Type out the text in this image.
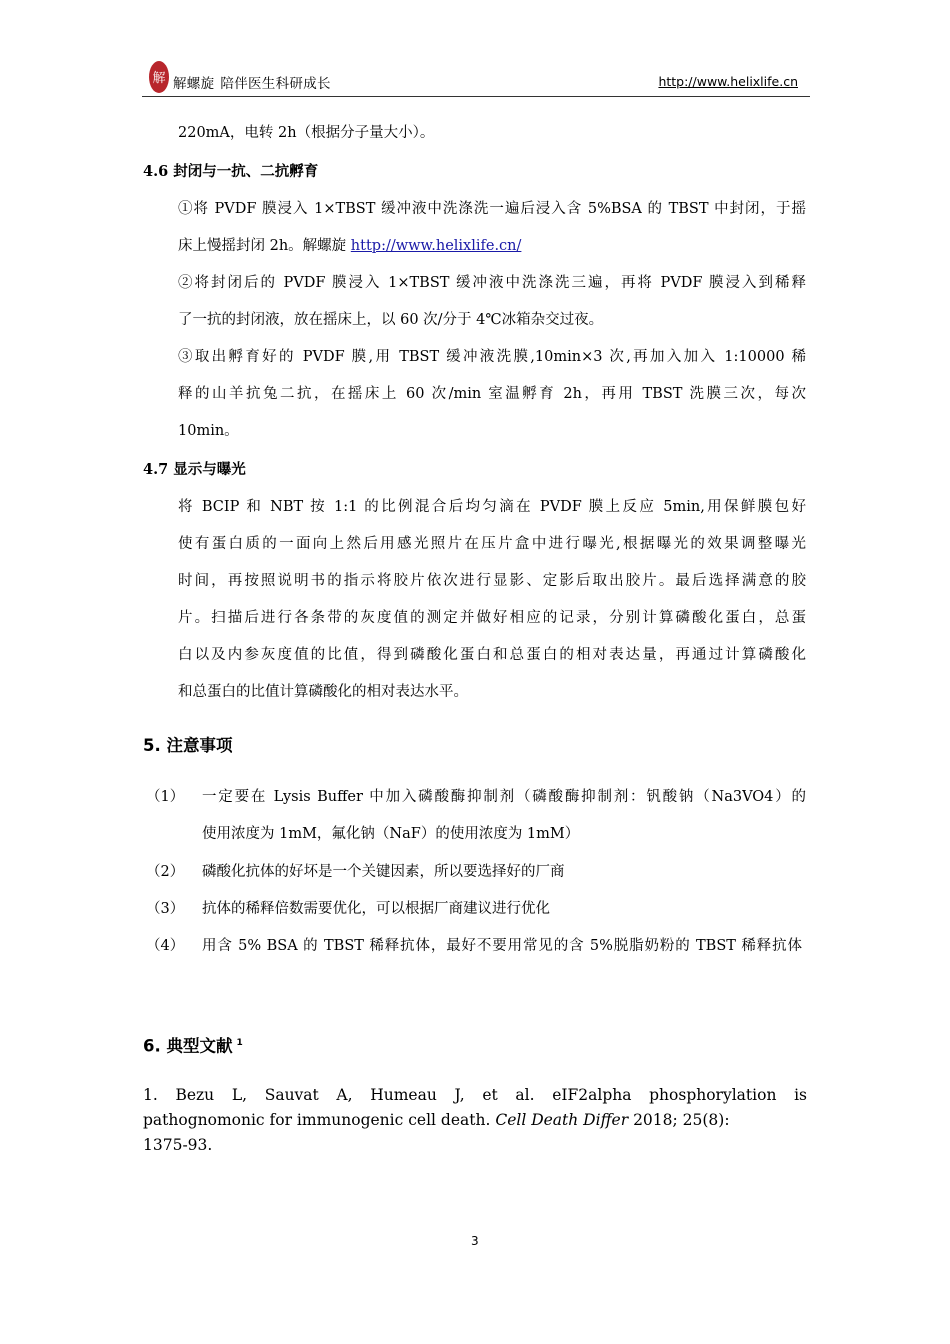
解 解螺旋 陪伴医生科研成长	http://www.helixlife.cn
220mA，电转 2h（根据分子量大小）。
4.6 封闭与一抗、二抗孵育
①将 PVDF 膜浸入 1×TBST 缓冲液中洗涤洗一遍后浸入含 5%BSA 的 TBST 中封闭，于摇
床上慢摇封闭 2h。解螺旋 http://www.helixlife.cn/
②将封闭后的 PVDF 膜浸入 1×TBST 缓冲液中洗涤洗三遍，再将 PVDF 膜浸入到稀释
了一抗的封闭液，放在摇床上，以 60 次/分于 4℃冰箱杂交过夜。
③取出孵育好的 PVDF 膜,用 TBST 缓冲液洗膜,10min×3 次,再加入加入 1:10000 稀
释的山羊抗兔二抗，在摇床上 60 次/min 室温孵育 2h，再用 TBST 洗膜三次，每次
10min。
4.7 显示与曝光
将 BCIP 和 NBT 按 1:1 的比例混合后均匀滴在 PVDF 膜上反应 5min,用保鲜膜包好
使有蛋白质的一面向上然后用感光照片在压片盒中进行曝光,根据曝光的效果调整曝光
时间，再按照说明书的指示将胶片依次进行显影、定影后取出胶片。最后选择满意的胶
片。扫描后进行各条带的灰度值的测定并做好相应的记录，分别计算磷酸化蛋白，总蛋
白以及内参灰度值的比值，得到磷酸化蛋白和总蛋白的相对表达量，再通过计算磷酸化
和总蛋白的比值计算磷酸化的相对表达水平。
5. 注意事项
（1） 一定要在 Lysis Buffer 中加入磷酸酶抑制剂（磷酸酶抑制剂：钒酸钠（Na3VO4）的
使用浓度为 1mM，氟化钠（NaF）的使用浓度为 1mM）
（2） 磷酸化抗体的好坏是一个关键因素，所以要选择好的厂商
（3） 抗体的稀释倍数需要优化，可以根据厂商建议进行优化
（4） 用含 5% BSA 的 TBST 稀释抗体，最好不要用常见的含 5%脱脂奶粉的 TBST 稀释抗体
6. 典型文献 $^1$
1. Bezu L, Sauvat A, Humeau J, et al. eIF2alpha phosphorylation is
pathognomonic for immunogenic cell death. Cell Death Differ 2018; 25(8):
1375-93.
3
